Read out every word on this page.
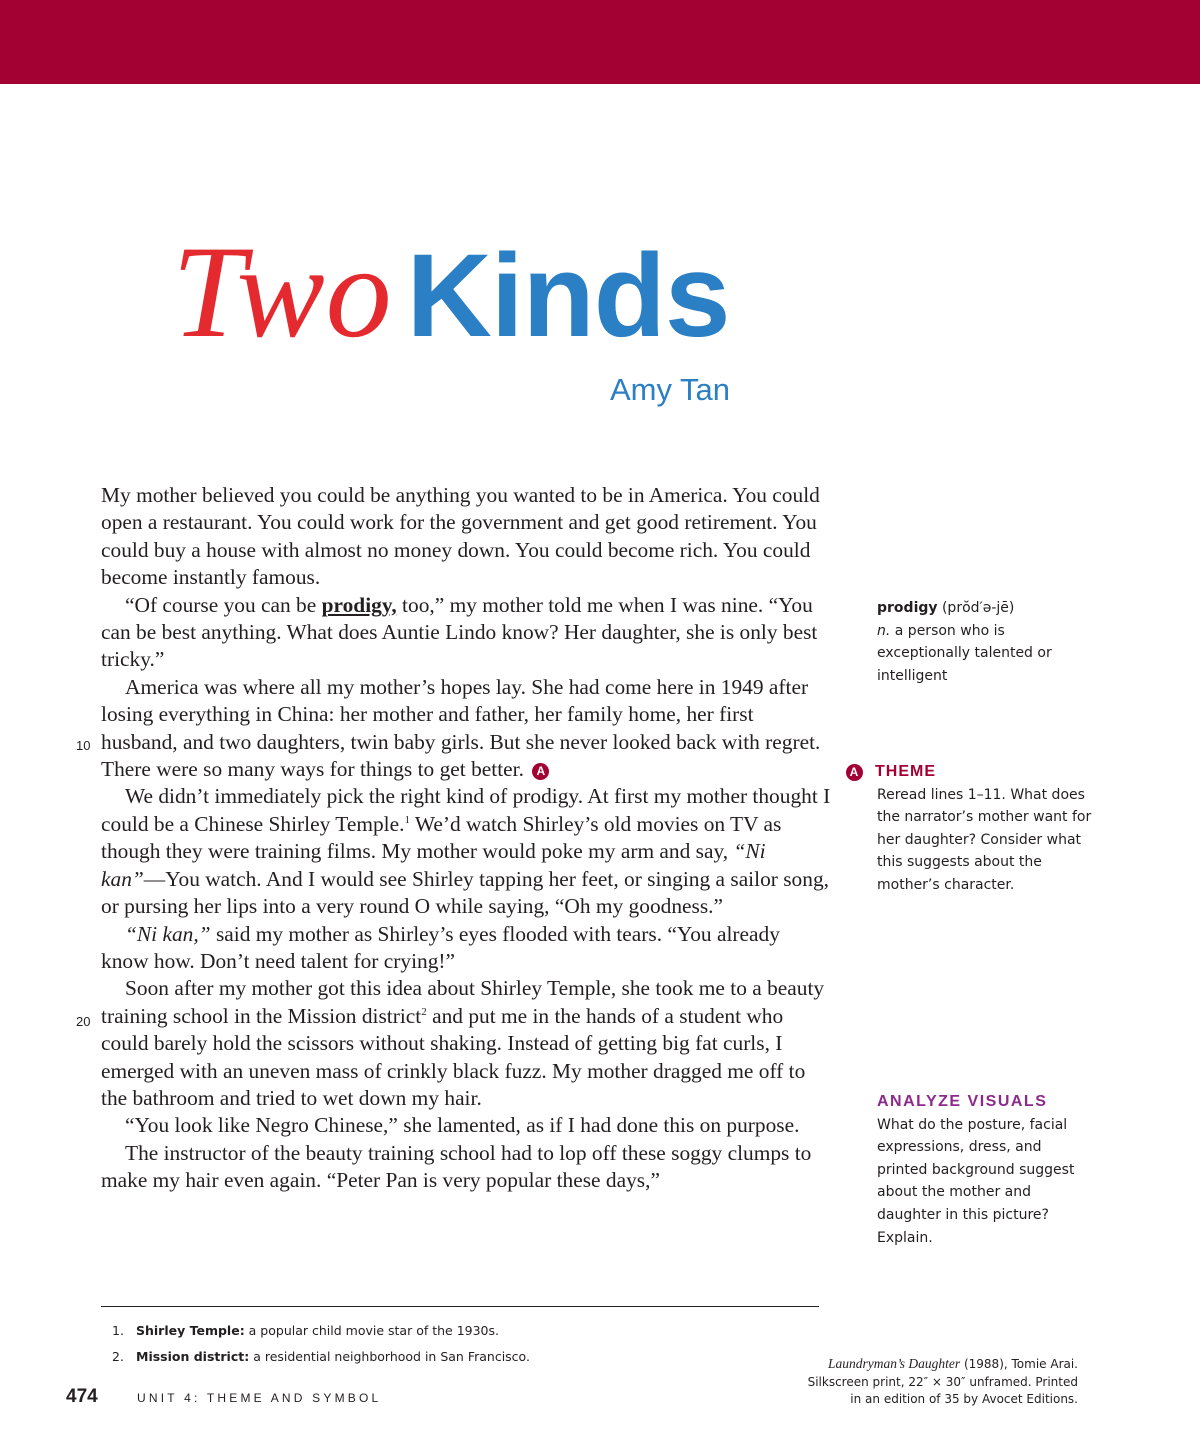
Two Kinds
Amy Tan

My mother believed you could be anything you wanted to be in America. You could open a restaurant. You could work for the government and get good retirement. You could buy a house with almost no money down. You could become rich. You could become instantly famous.

“Of course you can be prodigy, too,” my mother told me when I was nine. “You can be best anything. What does Auntie Lindo know? Her daughter, she is only best tricky.”

America was where all my mother’s hopes lay. She had come here in 1949 after losing everything in China: her mother and father, her family home, her first husband, and two daughters, twin baby girls. But she never looked back with regret. There were so many ways for things to get better. A

We didn’t immediately pick the right kind of prodigy. At first my mother thought I could be a Chinese Shirley Temple.$^1$ We’d watch Shirley’s old movies on TV as though they were training films. My mother would poke my arm and say, “Ni kan”—You watch. And I would see Shirley tapping her feet, or singing a sailor song, or pursing her lips into a very round O while saying, “Oh my goodness.”

“Ni kan,” said my mother as Shirley’s eyes flooded with tears. “You already know how. Don’t need talent for crying!”

Soon after my mother got this idea about Shirley Temple, she took me to a beauty training school in the Mission district$^2$ and put me in the hands of a student who could barely hold the scissors without shaking. Instead of getting big fat curls, I emerged with an uneven mass of crinkly black fuzz. My mother dragged me off to the bathroom and tried to wet down my hair.

“You look like Negro Chinese,” she lamented, as if I had done this on purpose.

The instructor of the beauty training school had to lop off these soggy clumps to make my hair even again. “Peter Pan is very popular these days,”

10
20
prodigy (prŏd′ə-jē)
n. a person who is exceptionally talented or intelligent
A THEME
Reread lines 1–11. What does the narrator’s mother want for her daughter? Consider what this suggests about the mother’s character.
ANALYZE VISUALS
What do the posture, facial expressions, dress, and printed background suggest about the mother and daughter in this picture? Explain.
1. Shirley Temple: a popular child movie star of the 1930s.
2. Mission district: a residential neighborhood in San Francisco.
474	UNIT 4: THEME AND SYMBOL
Laundryman’s Daughter (1988), Tomie Arai.
Silkscreen print, 22″ × 30″ unframed. Printed
in an edition of 35 by Avocet Editions.
